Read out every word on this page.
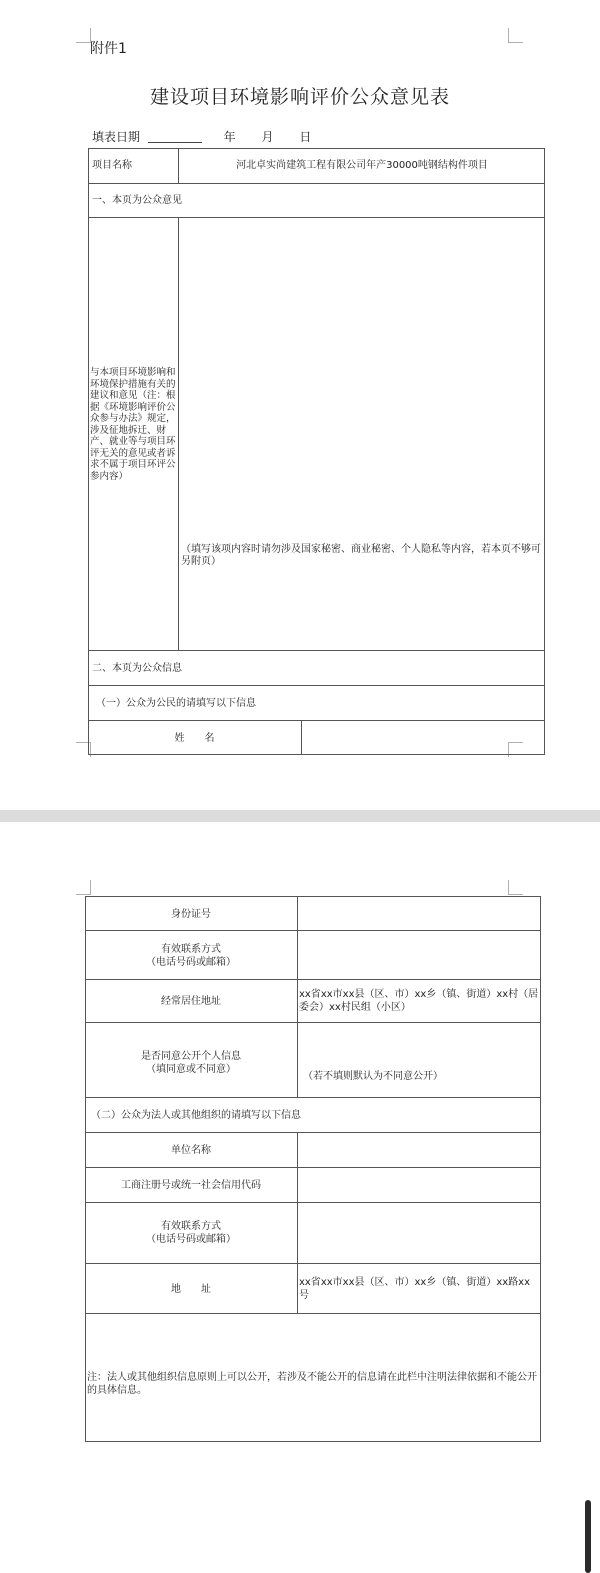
附件1
建设项目环境影响评价公众意见表
填表日期	年 月 日
项目名称	河北卓实尚建筑工程有限公司年产30000吨钢结构件项目
一、本页为公众意见
与本项目环境影响和环境保护措施有关的建议和意见（注：根据《环境影响评价公众参与办法》规定，涉及征地拆迁、财产、就业等与项目环评无关的意见或者诉求不属于项目环评公参内容）
（填写该项内容时请勿涉及国家秘密、商业秘密、个人隐私等内容，若本页不够可另附页）
二、本页为公众信息
（一）公众为公民的请填写以下信息
姓　　名
身份证号
有效联系方式
（电话号码或邮箱）
经常居住地址
xx省xx市xx县（区、市）xx乡（镇、街道）xx村（居委会）xx村民组（小区）
是否同意公开个人信息
（填同意或不同意）
（若不填则默认为不同意公开）
（二）公众为法人或其他组织的请填写以下信息
单位名称
工商注册号或统一社会信用代码
有效联系方式
（电话号码或邮箱）
地　　址
xx省xx市xx县（区、市）xx乡（镇、街道）xx路xx号
注：法人或其他组织信息原则上可以公开，若涉及不能公开的信息请在此栏中注明法律依据和不能公开的具体信息。
